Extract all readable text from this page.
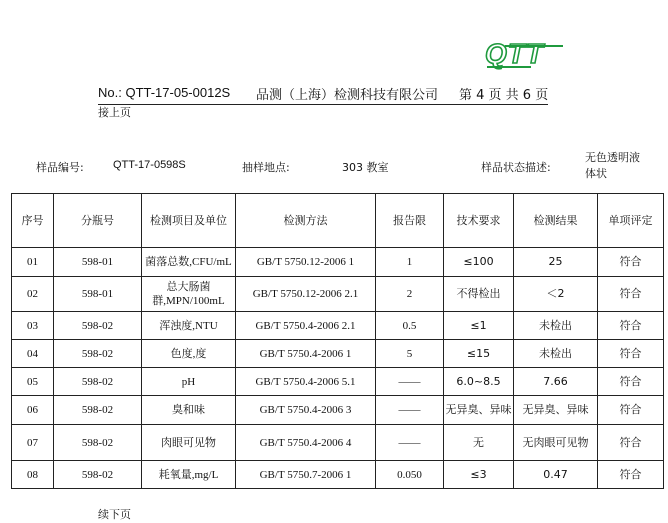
QTT
No.: QTT-17-05-0012S 品测（上海）检测科技有限公司 第 4 页 共 6 页
接上页
样品编号:	QTT-17-0598S	抽样地点:	303 教室	样品状态描述:
无色透明液体状
序号	分瓶号	检测项目及单位	检测方法	报告限	技术要求	检测结果	单项评定
01	598-01	菌落总数,CFU/mL	GB/T 5750.12-2006 1	1	≤100	25	符合
02	598-01	总大肠菌群,MPN/100mL	GB/T 5750.12-2006 2.1	2	不得检出	＜2	符合
03	598-02	浑浊度,NTU	GB/T 5750.4-2006 2.1	0.5	≤1	未检出	符合
04	598-02	色度,度	GB/T 5750.4-2006 1	5	≤15	未检出	符合
05	598-02	pH	GB/T 5750.4-2006 5.1	——	6.0~8.5	7.66	符合
06	598-02	臭和味	GB/T 5750.4-2006 3	——	无异臭、异味	无异臭、异味	符合
07	598-02	肉眼可见物	GB/T 5750.4-2006 4	——	无	无肉眼可见物	符合
08	598-02	耗氧量,mg/L	GB/T 5750.7-2006 1	0.050	≤3	0.47	符合
续下页
